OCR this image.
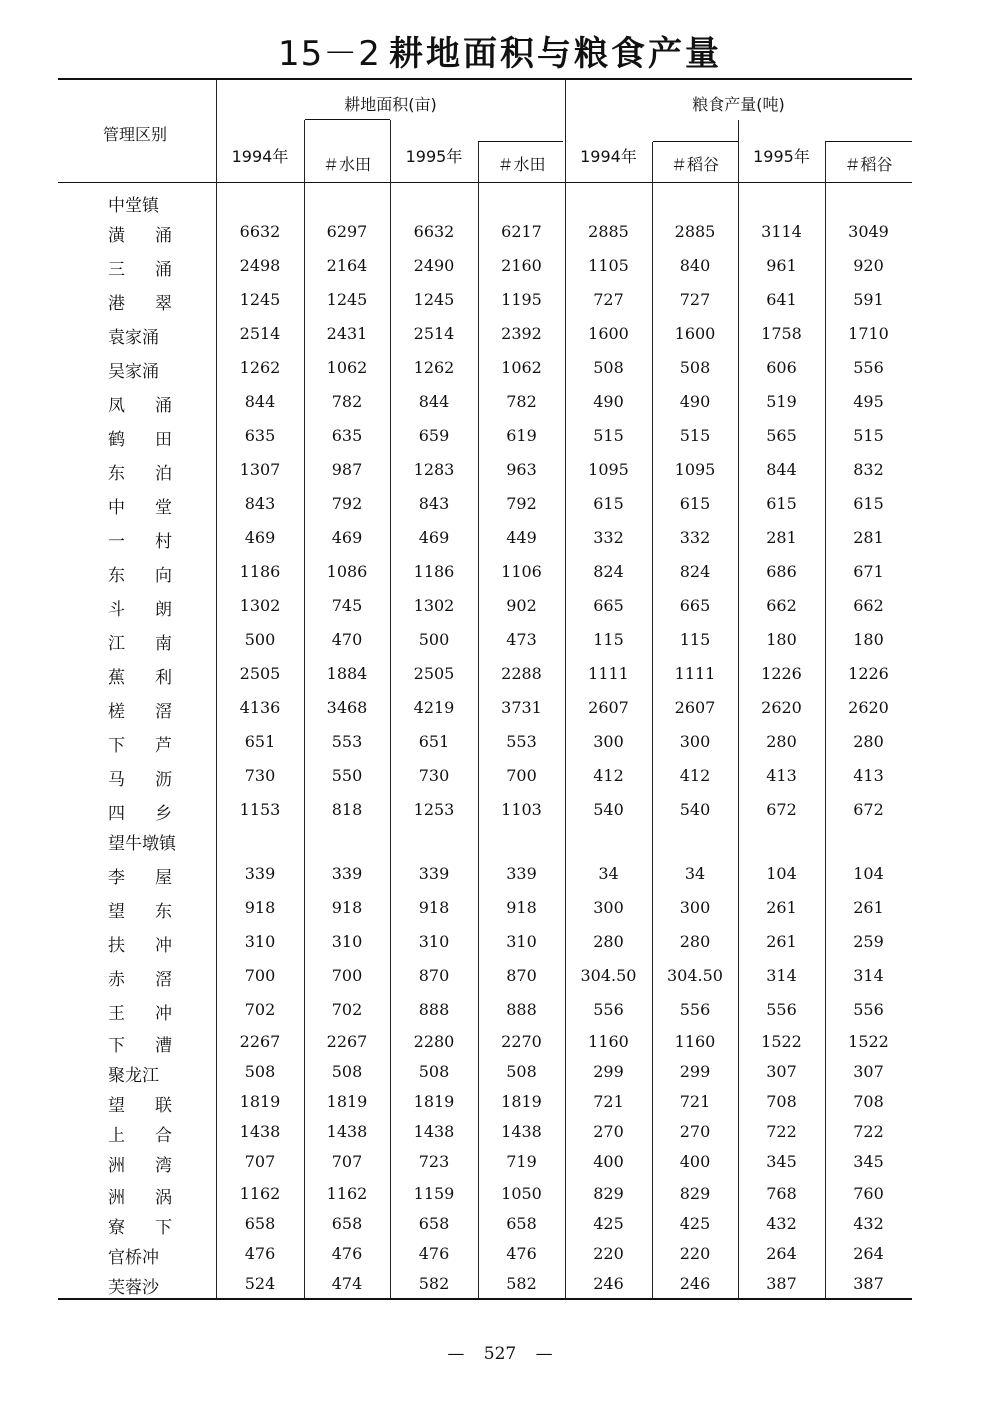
15－2 耕地面积与粮食产量
管理区别
耕地面积(亩)	粮食产量(吨)
1994年	＃水田	1995年	＃水田	1994年	＃稻谷	1995年	＃稻谷
中堂镇
潢涌	6632	6297	6632	6217	2885	2885	3114	3049
三涌	2498	2164	2490	2160	1105	840	961	920
港翠	1245	1245	1245	1195	727	727	641	591
袁家涌	2514	2431	2514	2392	1600	1600	1758	1710
吴家涌	1262	1062	1262	1062	508	508	606	556
凤涌	844	782	844	782	490	490	519	495
鹤田	635	635	659	619	515	515	565	515
东泊	1307	987	1283	963	1095	1095	844	832
中堂	843	792	843	792	615	615	615	615
一村	469	469	469	449	332	332	281	281
东向	1186	1086	1186	1106	824	824	686	671
斗朗	1302	745	1302	902	665	665	662	662
江南	500	470	500	473	115	115	180	180
蕉利	2505	1884	2505	2288	1111	1111	1226	1226
槎滘	4136	3468	4219	3731	2607	2607	2620	2620
下芦	651	553	651	553	300	300	280	280
马沥	730	550	730	700	412	412	413	413
四乡	1153	818	1253	1103	540	540	672	672
望牛墩镇
李屋	339	339	339	339	34	34	104	104
望东	918	918	918	918	300	300	261	261
扶冲	310	310	310	310	280	280	261	259
赤滘	700	700	870	870	304.50	304.50	314	314
王冲	702	702	888	888	556	556	556	556
下漕	2267	2267	2280	2270	1160	1160	1522	1522
聚龙江	508	508	508	508	299	299	307	307
望联	1819	1819	1819	1819	721	721	708	708
上合	1438	1438	1438	1438	270	270	722	722
洲湾	707	707	723	719	400	400	345	345
洲涡	1162	1162	1159	1050	829	829	768	760
寮下	658	658	658	658	425	425	432	432
官桥冲	476	476	476	476	220	220	264	264
芙蓉沙	524	474	582	582	246	246	387	387
— 527 —
